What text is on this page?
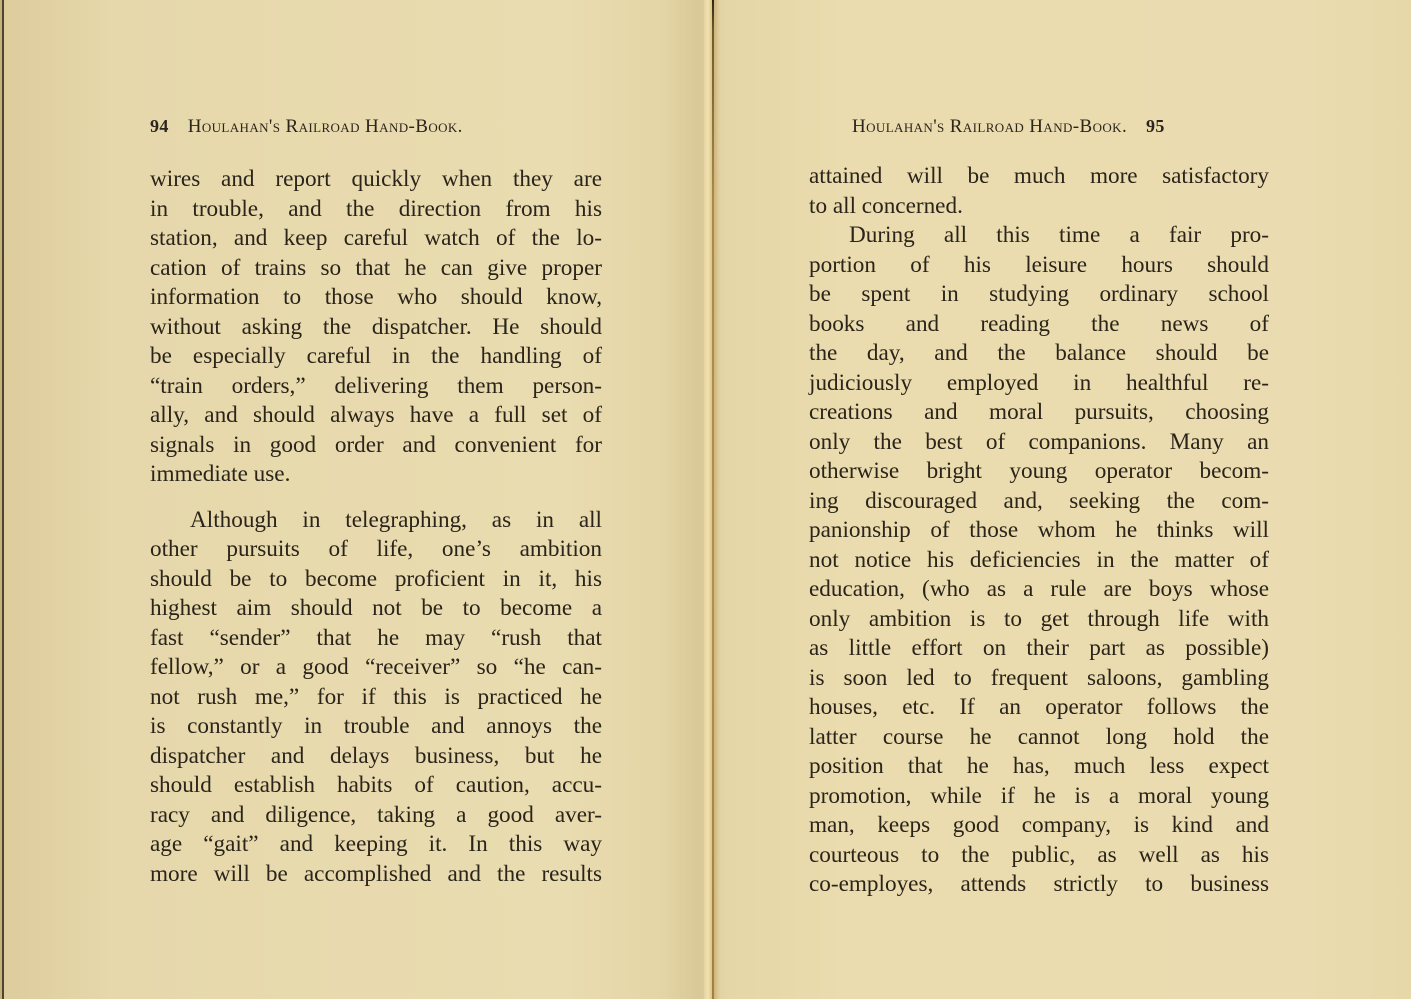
94 Houlahan's Railroad Hand-Book.
wires and report quickly when they are
in trouble, and the direction from his
station, and keep careful watch of the lo-
cation of trains so that he can give proper
information to those who should know,
without asking the dispatcher. He should
be especially careful in the handling of
“train orders,” delivering them person-
ally, and should always have a full set of
signals in good order and convenient for
immediate use.
Although in telegraphing, as in all
other pursuits of life, one’s ambition
should be to become proficient in it, his
highest aim should not be to become a
fast “sender” that he may “rush that
fellow,” or a good “receiver” so “he can-
not rush me,” for if this is practiced he
is constantly in trouble and annoys the
dispatcher and delays business, but he
should establish habits of caution, accu-
racy and diligence, taking a good aver-
age “gait” and keeping it. In this way
more will be accomplished and the results
Houlahan's Railroad Hand-Book. 95
attained will be much more satisfactory
to all concerned.
During all this time a fair pro-
portion of his leisure hours should
be spent in studying ordinary school
books and reading the news of
the day, and the balance should be
judiciously employed in healthful re-
creations and moral pursuits, choosing
only the best of companions. Many an
otherwise bright young operator becom-
ing discouraged and, seeking the com-
panionship of those whom he thinks will
not notice his deficiencies in the matter of
education, (who as a rule are boys whose
only ambition is to get through life with
as little effort on their part as possible)
is soon led to frequent saloons, gambling
houses, etc. If an operator follows the
latter course he cannot long hold the
position that he has, much less expect
promotion, while if he is a moral young
man, keeps good company, is kind and
courteous to the public, as well as his
co-employes, attends strictly to business
